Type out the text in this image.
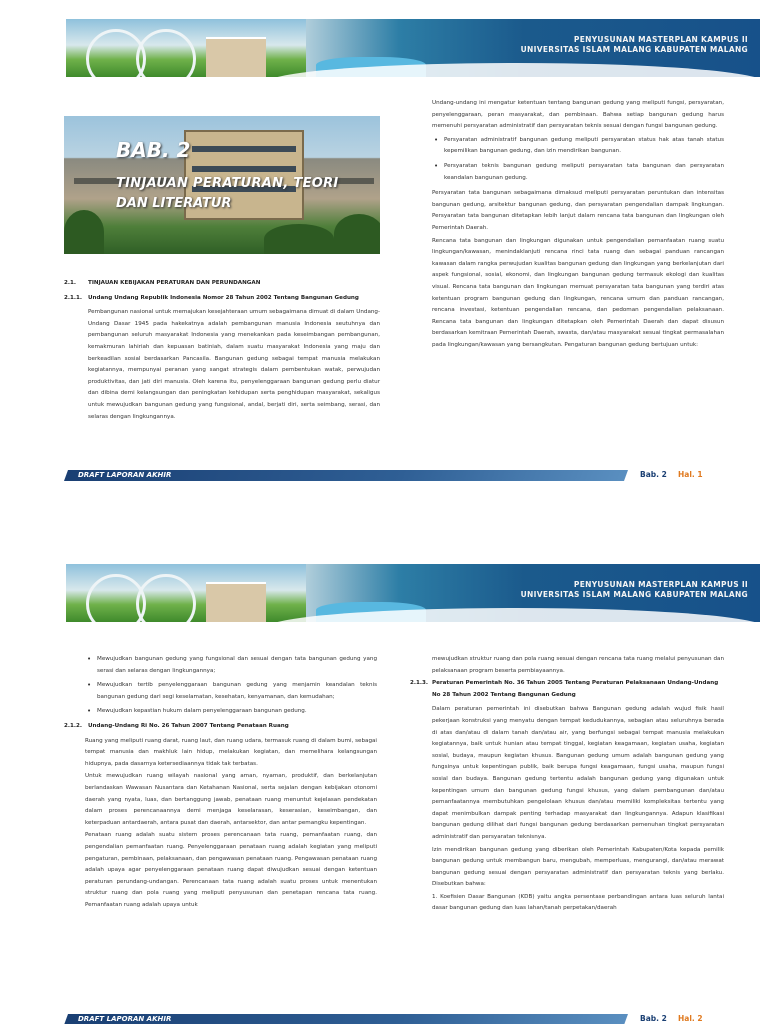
PENYUSUNAN MASTERPLAN KAMPUS II
UNIVERSITAS ISLAM MALANG KABUPATEN MALANG
BAB. 2
TINJAUAN PERATURAN, TEORI
DAN LITERATUR
2.1. TINJAUAN KEBIJAKAN PERATURAN DAN PERUNDANGAN
2.1.1. Undang Undang Republik Indonesia Nomor 28 Tahun 2002 Tentang Bangunan Gedung

Pembangunan nasional untuk memajukan kesejahteraan umum sebagaimana dimuat di dalam Undang-Undang Dasar 1945 pada hakekatnya adalah pembangunan manusia Indonesia seutuhnya dan pembangunan seluruh masyarakat Indonesia yang menekankan pada keseimbangan pembangunan, kemakmuran lahiriah dan kepuasan batiniah, dalam suatu masyarakat Indonesia yang maju dan berkeadilan sosial berdasarkan Pancasila. Bangunan gedung sebagai tempat manusia melakukan kegiatannya, mempunyai peranan yang sangat strategis dalam pembentukan watak, perwujudan produktivitas, dan jati diri manusia. Oleh karena itu, penyelenggaraan bangunan gedung perlu diatur dan dibina demi kelangsungan dan peningkatan kehidupan serta penghidupan masyarakat, sekaligus untuk mewujudkan bangunan gedung yang fungsional, andal, berjati diri, serta seimbang, serasi, dan selaras dengan lingkungannya.

Undang-undang ini mengatur ketentuan tentang bangunan gedung yang meliputi fungsi, persyaratan, penyelenggaraan, peran masyarakat, dan pembinaan. Bahwa setiap bangunan gedung harus memenuhi persyaratan administratif dan persyaratan teknis sesuai dengan fungsi bangunan gedung.

• Persyaratan administratif bangunan gedung meliputi persyaratan status hak atas tanah status kepemilikan bangunan gedung, dan izin mendirikan bangunan.
• Persyaratan teknis bangunan gedung meliputi persyaratan tata bangunan dan persyaratan keandalan bangunan gedung.

Persyaratan tata bangunan sebagaimana dimaksud meliputi persyaratan peruntukan dan intensitas bangunan gedung, arsitektur bangunan gedung, dan persyaratan pengendalian dampak lingkungan. Persyaratan tata bangunan ditetapkan lebih lanjut dalam rencana tata bangunan dan lingkungan oleh Pemerintah Daerah.

Rencana tata bangunan dan lingkungan digunakan untuk pengendalian pemanfaatan ruang suatu lingkungan/kawasan, menindaklanjuti rencana rinci tata ruang dan sebagai panduan rancangan kawasan dalam rangka perwujudan kualitas bangunan gedung dan lingkungan yang berkelanjutan dari aspek fungsional, sosial, ekonomi, dan lingkungan bangunan gedung termasuk ekologi dan kualitas visual. Rencana tata bangunan dan lingkungan memuat persyaratan tata bangunan yang terdiri atas ketentuan program bangunan gedung dan lingkungan, rencana umum dan panduan rancangan, rencana investasi, ketentuan pengendalian rencana, dan pedoman pengendalian pelaksanaan. Rencana tata bangunan dan lingkungan ditetapkan oleh Pemerintah Daerah dan dapat disusun berdasarkan kemitraan Pemerintah Daerah, swasta, dan/atau masyarakat sesuai tingkat permasalahan pada lingkungan/kawasan yang bersangkutan. Pengaturan bangunan gedung bertujuan untuk:

DRAFT LAPORAN AKHIR	Bab. 2 Hal. 1
PENYUSUNAN MASTERPLAN KAMPUS II
UNIVERSITAS ISLAM MALANG KABUPATEN MALANG
• Mewujudkan bangunan gedung yang fungsional dan sesuai dengan tata bangunan gedung yang serasi dan selaras dengan lingkungannya;
• Mewujudkan tertib penyelenggaraan bangunan gedung yang menjamin keandalan teknis bangunan gedung dari segi keselamatan, kesehatan, kenyamanan, dan kemudahan;
• Mewujudkan kepastian hukum dalam penyelenggaraan bangunan gedung.
2.1.2. Undang-Undang Ri No. 26 Tahun 2007 Tentang Penataan Ruang

Ruang yang meliputi ruang darat, ruang laut, dan ruang udara, termasuk ruang di dalam bumi, sebagai tempat manusia dan makhluk lain hidup, melakukan kegiatan, dan memelihara kelangsungan hidupnya, pada dasarnya ketersediaannya tidak tak terbatas.

Untuk mewujudkan ruang wilayah nasional yang aman, nyaman, produktif, dan berkelanjutan berlandaskan Wawasan Nusantara dan Ketahanan Nasional, serta sejalan dengan kebijakan otonomi daerah yang nyata, luas, dan bertanggung jawab, penataan ruang menuntut kejelasan pendekatan dalam proses perencanaannya demi menjaga keselarasan, keserasian, keseimbangan, dan keterpaduan antardaerah, antara pusat dan daerah, antarsektor, dan antar pemangku kepentingan.

Penataan ruang adalah suatu sistem proses perencanaan tata ruang, pemanfaatan ruang, dan pengendalian pemanfaatan ruang. Penyelenggaraan penataan ruang adalah kegiatan yang meliputi pengaturan, pembinaan, pelaksanaan, dan pengawasan penataan ruang. Pengawasan penataan ruang adalah upaya agar penyelenggaraan penataan ruang dapat diwujudkan sesuai dengan ketentuan peraturan perundang-undangan. Perencanaan tata ruang adalah suatu proses untuk menentukan struktur ruang dan pola ruang yang meliputi penyusunan dan penetapan rencana tata ruang. Pemanfaatan ruang adalah upaya untuk

mewujudkan struktur ruang dan pola ruang sesuai dengan rencana tata ruang melalui penyusunan dan pelaksanaan program beserta pembiayaannya.

2.1.3. Peraturan Pemerintah No. 36 Tahun 2005 Tentang Peraturan Pelaksanaan Undang-Undang No 28 Tahun 2002 Tentang Bangunan Gedung

Dalam peraturan pemerintah ini disebutkan bahwa Bangunan gedung adalah wujud fisik hasil pekerjaan konstruksi yang menyatu dengan tempat kedudukannya, sebagian atau seluruhnya berada di atas dan/atau di dalam tanah dan/atau air, yang berfungsi sebagai tempat manusia melakukan kegiatannya, baik untuk hunian atau tempat tinggal, kegiatan keagamaan, kegiatan usaha, kegiatan sosial, budaya, maupun kegiatan khusus. Bangunan gedung umum adalah bangunan gedung yang fungsinya untuk kepentingan publik, baik berupa fungsi keagamaan, fungsi usaha, maupun fungsi sosial dan budaya. Bangunan gedung tertentu adalah bangunan gedung yang digunakan untuk kepentingan umum dan bangunan gedung fungsi khusus, yang dalam pembangunan dan/atau pemanfaatannya membutuhkan pengelolaan khusus dan/atau memiliki kompleksitas tertentu yang dapat menimbulkan dampak penting terhadap masyarakat dan lingkungannya. Adapun klasifikasi bangunan gedung dilihat dari fungsi bangunan gedung berdasarkan pemenuhan tingkat persyaratan administratif dan persyaratan teknisnya.

Izin mendirikan bangunan gedung yang diberikan oleh Pemerintah Kabupaten/Kota kepada pemilik bangunan gedung untuk membangun baru, mengubah, memperluas, mengurangi, dan/atau merawat bangunan gedung sesuai dengan persyaratan administratif dan persyaratan teknis yang berlaku. Disebutkan bahwa:

1. Koefisien Dasar Bangunan (KDB) yaitu angka persentase perbandingan antara luas seluruh lantai dasar bangunan gedung dan luas lahan/tanah perpetakan/daerah
DRAFT LAPORAN AKHIR	Bab. 2 Hal. 2
